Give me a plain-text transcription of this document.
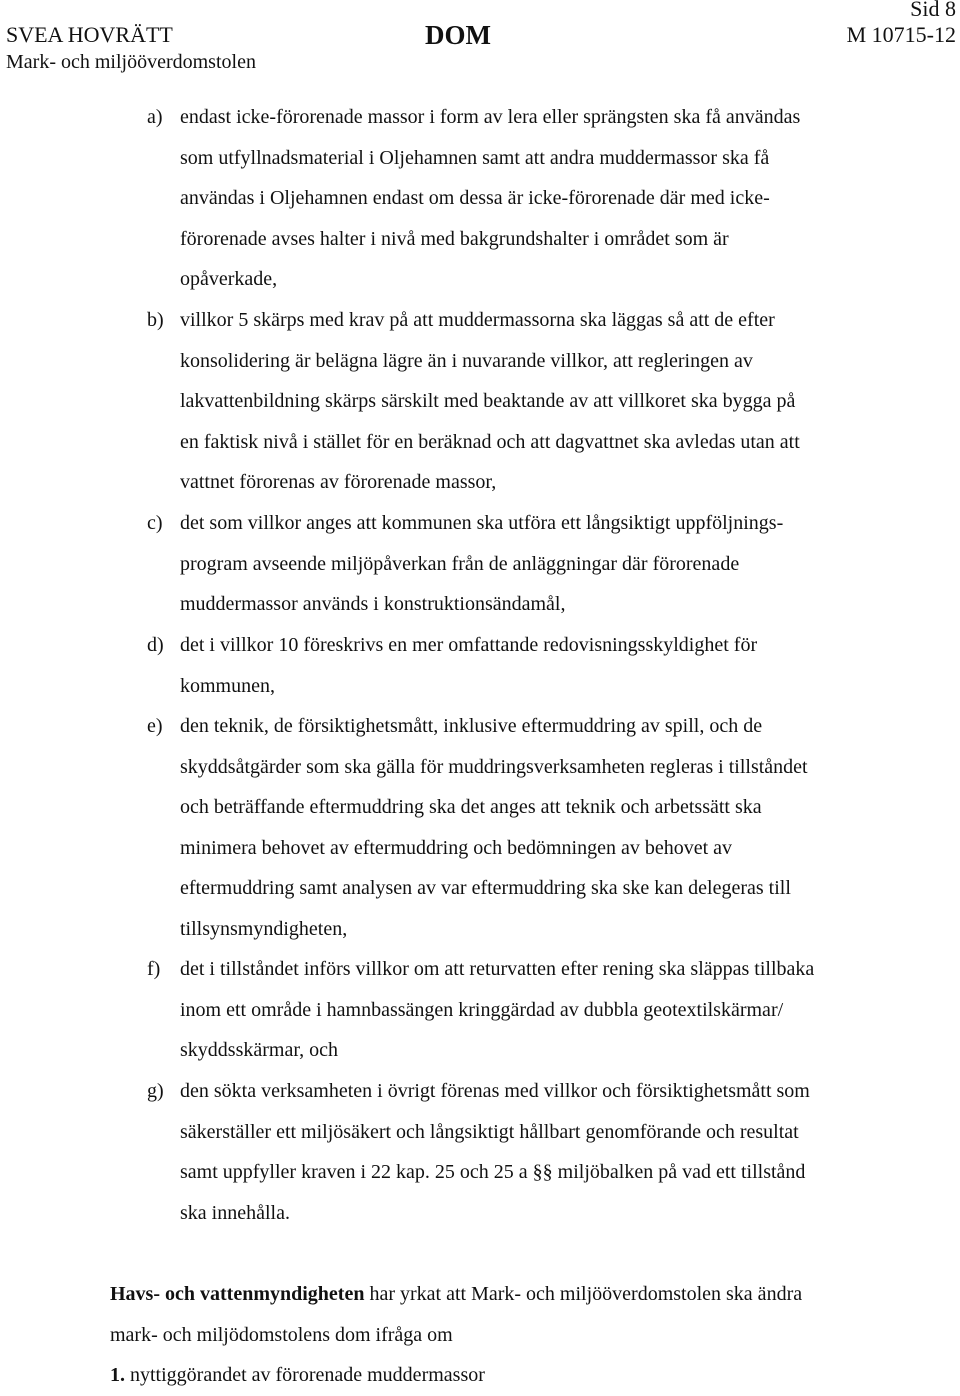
Sid 8
SVEA HOVRÄTT	DOM	M 10715-12
Mark- och miljööverdomstolen
a) endast icke-förorenade massor i form av lera eller sprängsten ska få användas
som utfyllnadsmaterial i Oljehamnen samt att andra muddermassor ska få
användas i Oljehamnen endast om dessa är icke-förorenade där med icke-
förorenade avses halter i nivå med bakgrundshalter i området som är
opåverkade,
b) villkor 5 skärps med krav på att muddermassorna ska läggas så att de efter
konsolidering är belägna lägre än i nuvarande villkor, att regleringen av
lakvattenbildning skärps särskilt med beaktande av att villkoret ska bygga på
en faktisk nivå i stället för en beräknad och att dagvattnet ska avledas utan att
vattnet förorenas av förorenade massor,
c) det som villkor anges att kommunen ska utföra ett långsiktigt uppföljnings-
program avseende miljöpåverkan från de anläggningar där förorenade
muddermassor används i konstruktionsändamål,
d) det i villkor 10 föreskrivs en mer omfattande redovisningsskyldighet för
kommunen,
e) den teknik, de försiktighetsmått, inklusive eftermuddring av spill, och de
skyddsåtgärder som ska gälla för muddringsverksamheten regleras i tillståndet
och beträffande eftermuddring ska det anges att teknik och arbetssätt ska
minimera behovet av eftermuddring och bedömningen av behovet av
eftermuddring samt analysen av var eftermuddring ska ske kan delegeras till
tillsynsmyndigheten,
f) det i tillståndet införs villkor om att returvatten efter rening ska släppas tillbaka
inom ett område i hamnbassängen kringgärdad av dubbla geotextilskärmar/
skyddsskärmar, och
g) den sökta verksamheten i övrigt förenas med villkor och försiktighetsmått som
säkerställer ett miljösäkert och långsiktigt hållbart genomförande och resultat
samt uppfyller kraven i 22 kap. 25 och 25 a §§ miljöbalken på vad ett tillstånd
ska innehålla.
Havs- och vattenmyndigheten har yrkat att Mark- och miljööverdomstolen ska ändra
mark- och miljödomstolens dom ifråga om
1. nyttiggörandet av förorenade muddermassor
